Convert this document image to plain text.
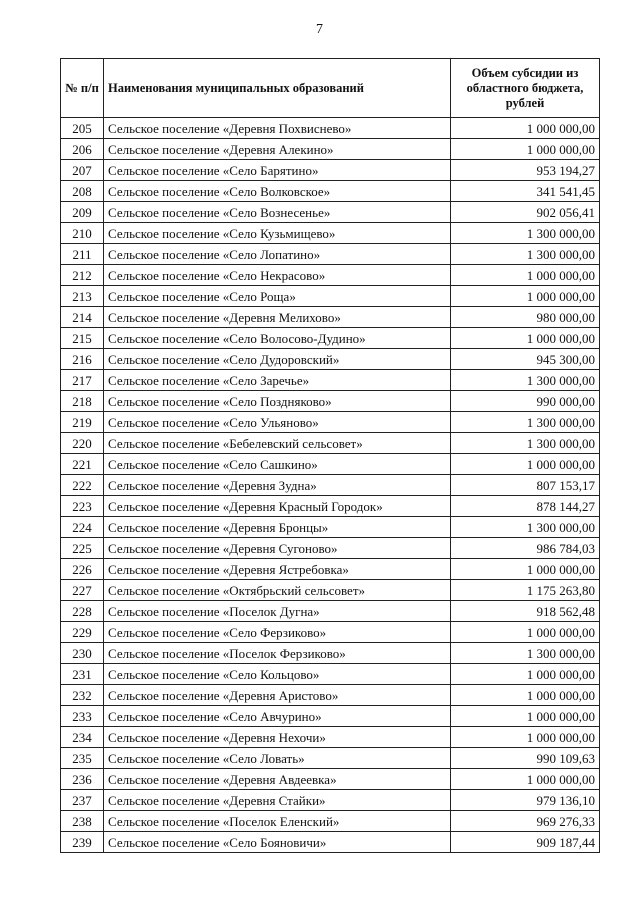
7
№ п/п	Наименования муниципальных образований	Объем субсидии из областного бюджета, рублей
205	Сельское поселение «Деревня Похвиснево»	1 000 000,00
206	Сельское поселение «Деревня Алекино»	1 000 000,00
207	Сельское поселение «Село Барятино»	953 194,27
208	Сельское поселение «Село Волковское»	341 541,45
209	Сельское поселение «Село Вознесенье»	902 056,41
210	Сельское поселение «Село Кузьмищево»	1 300 000,00
211	Сельское поселение «Село Лопатино»	1 300 000,00
212	Сельское поселение «Село Некрасово»	1 000 000,00
213	Сельское поселение «Село Роща»	1 000 000,00
214	Сельское поселение «Деревня Мелихово»	980 000,00
215	Сельское поселение «Село Волосово-Дудино»	1 000 000,00
216	Сельское поселение «Село Дудоровский»	945 300,00
217	Сельское поселение «Село Заречье»	1 300 000,00
218	Сельское поселение «Село Поздняково»	990 000,00
219	Сельское поселение «Село Ульяново»	1 300 000,00
220	Сельское поселение «Бебелевский сельсовет»	1 300 000,00
221	Сельское поселение «Село Сашкино»	1 000 000,00
222	Сельское поселение «Деревня Зудна»	807 153,17
223	Сельское поселение «Деревня Красный Городок»	878 144,27
224	Сельское поселение «Деревня Бронцы»	1 300 000,00
225	Сельское поселение «Деревня Сугоново»	986 784,03
226	Сельское поселение «Деревня Ястребовка»	1 000 000,00
227	Сельское поселение «Октябрьский сельсовет»	1 175 263,80
228	Сельское поселение «Поселок Дугна»	918 562,48
229	Сельское поселение «Село Ферзиково»	1 000 000,00
230	Сельское поселение «Поселок Ферзиково»	1 300 000,00
231	Сельское поселение «Село Кольцово»	1 000 000,00
232	Сельское поселение «Деревня Аристово»	1 000 000,00
233	Сельское поселение «Село Авчурино»	1 000 000,00
234	Сельское поселение «Деревня Нехочи»	1 000 000,00
235	Сельское поселение «Село Ловать»	990 109,63
236	Сельское поселение «Деревня Авдеевка»	1 000 000,00
237	Сельское поселение «Деревня Стайки»	979 136,10
238	Сельское поселение «Поселок Еленский»	969 276,33
239	Сельское поселение «Село Бояновичи»	909 187,44
